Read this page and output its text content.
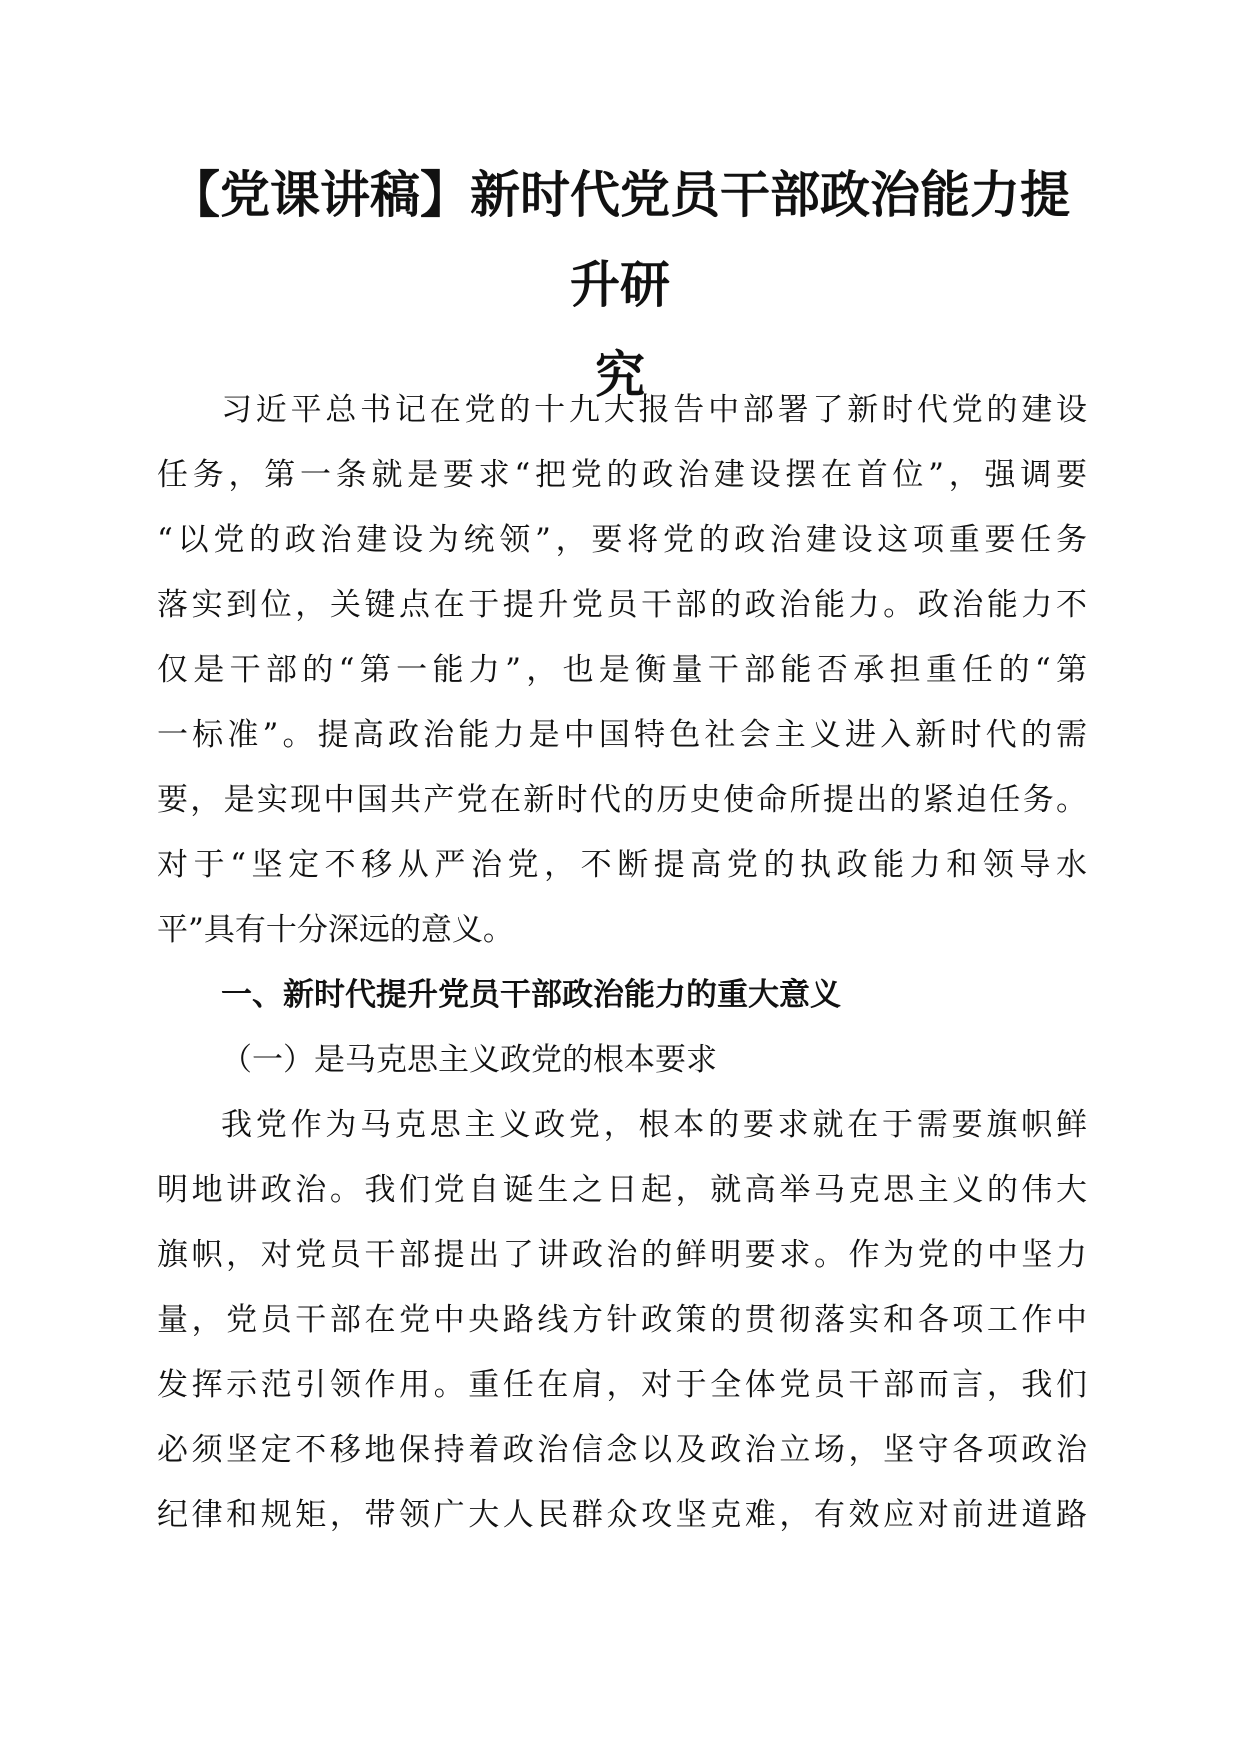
【党课讲稿】新时代党员干部政治能力提升研
究
习近平总书记在党的十九大报告中部署了新时代党的建设
任务，第一条就是要求“把党的政治建设摆在首位”，强调要
“以党的政治建设为统领”，要将党的政治建设这项重要任务
落实到位，关键点在于提升党员干部的政治能力。政治能力不
仅是干部的“第一能力”，也是衡量干部能否承担重任的“第
一标准”。提高政治能力是中国特色社会主义进入新时代的需
要，是实现中国共产党在新时代的历史使命所提出的紧迫任务。
对于“坚定不移从严治党，不断提高党的执政能力和领导水
平”具有十分深远的意义。
一、新时代提升党员干部政治能力的重大意义
（一）是马克思主义政党的根本要求
我党作为马克思主义政党，根本的要求就在于需要旗帜鲜
明地讲政治。我们党自诞生之日起，就高举马克思主义的伟大
旗帜，对党员干部提出了讲政治的鲜明要求。作为党的中坚力
量，党员干部在党中央路线方针政策的贯彻落实和各项工作中
发挥示范引领作用。重任在肩，对于全体党员干部而言，我们
必须坚定不移地保持着政治信念以及政治立场，坚守各项政治
纪律和规矩，带领广大人民群众攻坚克难，有效应对前进道路
